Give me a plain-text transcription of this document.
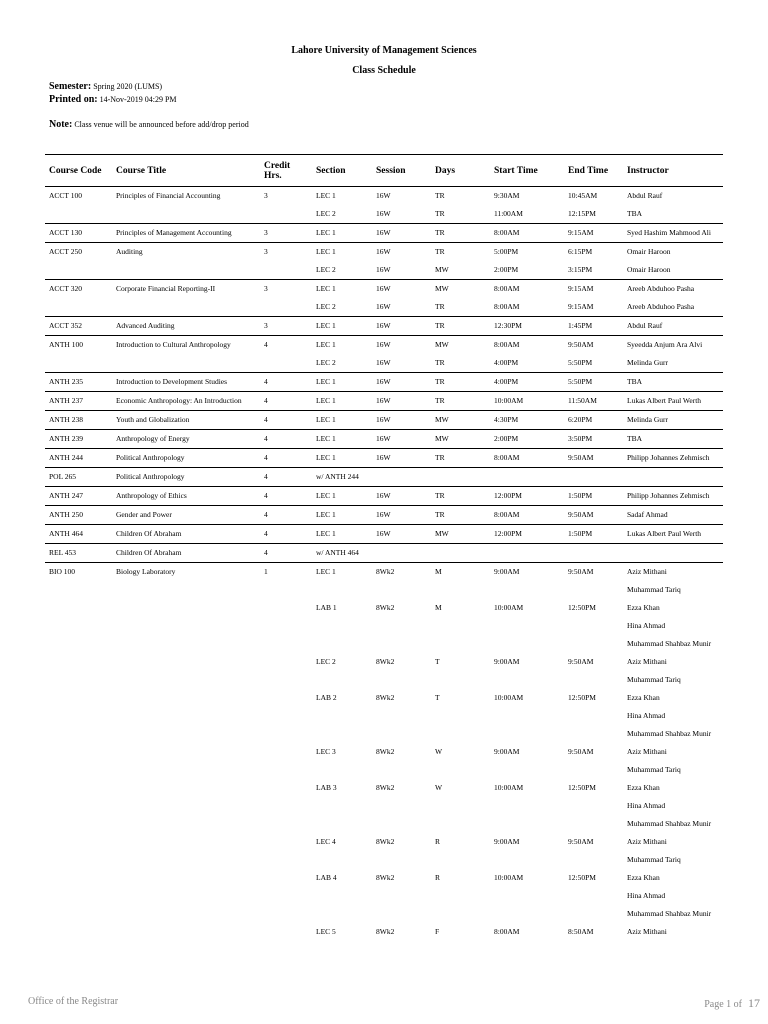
Lahore University of Management Sciences
Class Schedule
Semester: Spring 2020 (LUMS)
Printed on: 14-Nov-2019 04:29 PM
Note: Class venue will be announced before add/drop period
Course Code	Course Title	Credit Hrs.	Section	Session	Days	Start Time	End Time	Instructor
ACCT 100	Principles of Financial Accounting	3	LEC 1	16W	TR	9:30AM	10:45AM	Abdul Rauf
			LEC 2	16W	TR	11:00AM	12:15PM	TBA
ACCT 130	Principles of Management Accounting	3	LEC 1	16W	TR	8:00AM	9:15AM	Syed Hashim Mahmood Ali
ACCT 250	Auditing	3	LEC 1	16W	TR	5:00PM	6:15PM	Omair Haroon
			LEC 2	16W	MW	2:00PM	3:15PM	Omair Haroon
ACCT 320	Corporate Financial Reporting-II	3	LEC 1	16W	MW	8:00AM	9:15AM	Areeb Abduhoo Pasha
			LEC 2	16W	TR	8:00AM	9:15AM	Areeb Abduhoo Pasha
ACCT 352	Advanced Auditing	3	LEC 1	16W	TR	12:30PM	1:45PM	Abdul Rauf
ANTH 100	Introduction to Cultural Anthropology	4	LEC 1	16W	MW	8:00AM	9:50AM	Syeedda Anjum Ara Alvi
			LEC 2	16W	TR	4:00PM	5:50PM	Melinda Gurr
ANTH 235	Introduction to Development Studies	4	LEC 1	16W	TR	4:00PM	5:50PM	TBA
ANTH 237	Economic Anthropology: An Introduction	4	LEC 1	16W	TR	10:00AM	11:50AM	Lukas Albert Paul Werth
ANTH 238	Youth and Globalization	4	LEC 1	16W	MW	4:30PM	6:20PM	Melinda Gurr
ANTH 239	Anthropology of Energy	4	LEC 1	16W	MW	2:00PM	3:50PM	TBA
ANTH 244	Political Anthropology	4	LEC 1	16W	TR	8:00AM	9:50AM	Philipp Johannes Zehmisch
POL 265	Political Anthropology	4	w/ ANTH 244					
ANTH 247	Anthropology of Ethics	4	LEC 1	16W	TR	12:00PM	1:50PM	Philipp Johannes Zehmisch
ANTH 250	Gender and Power	4	LEC 1	16W	TR	8:00AM	9:50AM	Sadaf Ahmad
ANTH 464	Children Of Abraham	4	LEC 1	16W	MW	12:00PM	1:50PM	Lukas Albert Paul Werth
REL 453	Children Of Abraham	4	w/ ANTH 464					
BIO 100	Biology Laboratory	1	LEC 1	8Wk2	M	9:00AM	9:50AM	Aziz Mithani
								Muhammad Tariq
			LAB 1	8Wk2	M	10:00AM	12:50PM	Ezza Khan
								Hina Ahmad
								Muhammad Shahbaz Munir
			LEC 2	8Wk2	T	9:00AM	9:50AM	Aziz Mithani
								Muhammad Tariq
			LAB 2	8Wk2	T	10:00AM	12:50PM	Ezza Khan
								Hina Ahmad
								Muhammad Shahbaz Munir
			LEC 3	8Wk2	W	9:00AM	9:50AM	Aziz Mithani
								Muhammad Tariq
			LAB 3	8Wk2	W	10:00AM	12:50PM	Ezza Khan
								Hina Ahmad
								Muhammad Shahbaz Munir
			LEC 4	8Wk2	R	9:00AM	9:50AM	Aziz Mithani
								Muhammad Tariq
			LAB 4	8Wk2	R	10:00AM	12:50PM	Ezza Khan
								Hina Ahmad
								Muhammad Shahbaz Munir
			LEC 5	8Wk2	F	8:00AM	8:50AM	Aziz Mithani
Office of the Registrar	Page 1 of 17
